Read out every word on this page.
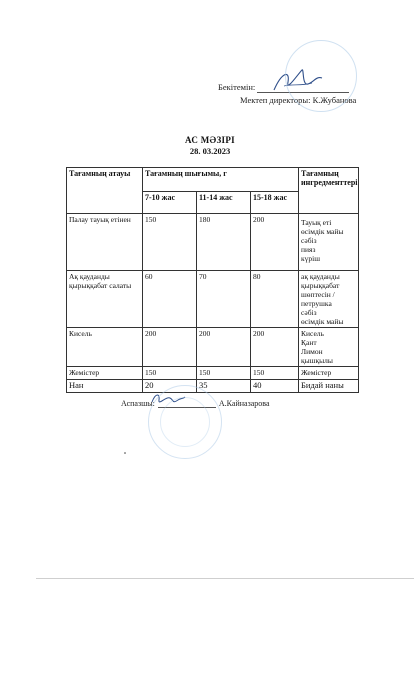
Бекітемін:
Мектеп директоры: К.Жубанова
АС МӘЗІРІ
28. 03.2023
Тағамның атауы	Тағамның шығымы, г			Тағамның ингредменттері
	7-10 жас	11-14 жас	15-18 жас	
Палау тауық етінен	150	180	200	Тауық еті
өсімдік майы
сәбіз
пияз
күріш

Ақ қауданды қырыққабат салаты	60	70	80	ақ қауданды
қырыққабат
шөптесін /петрушка
сәбіз
өсімдік майы

Кисель	200	200	200	Кисель
Қант
Лимон қышқылы

Жемістер	150	150	150	Жемістер

Нан	20	35	40	Бидай наны
Аспазшы:	А.Кайназарова
